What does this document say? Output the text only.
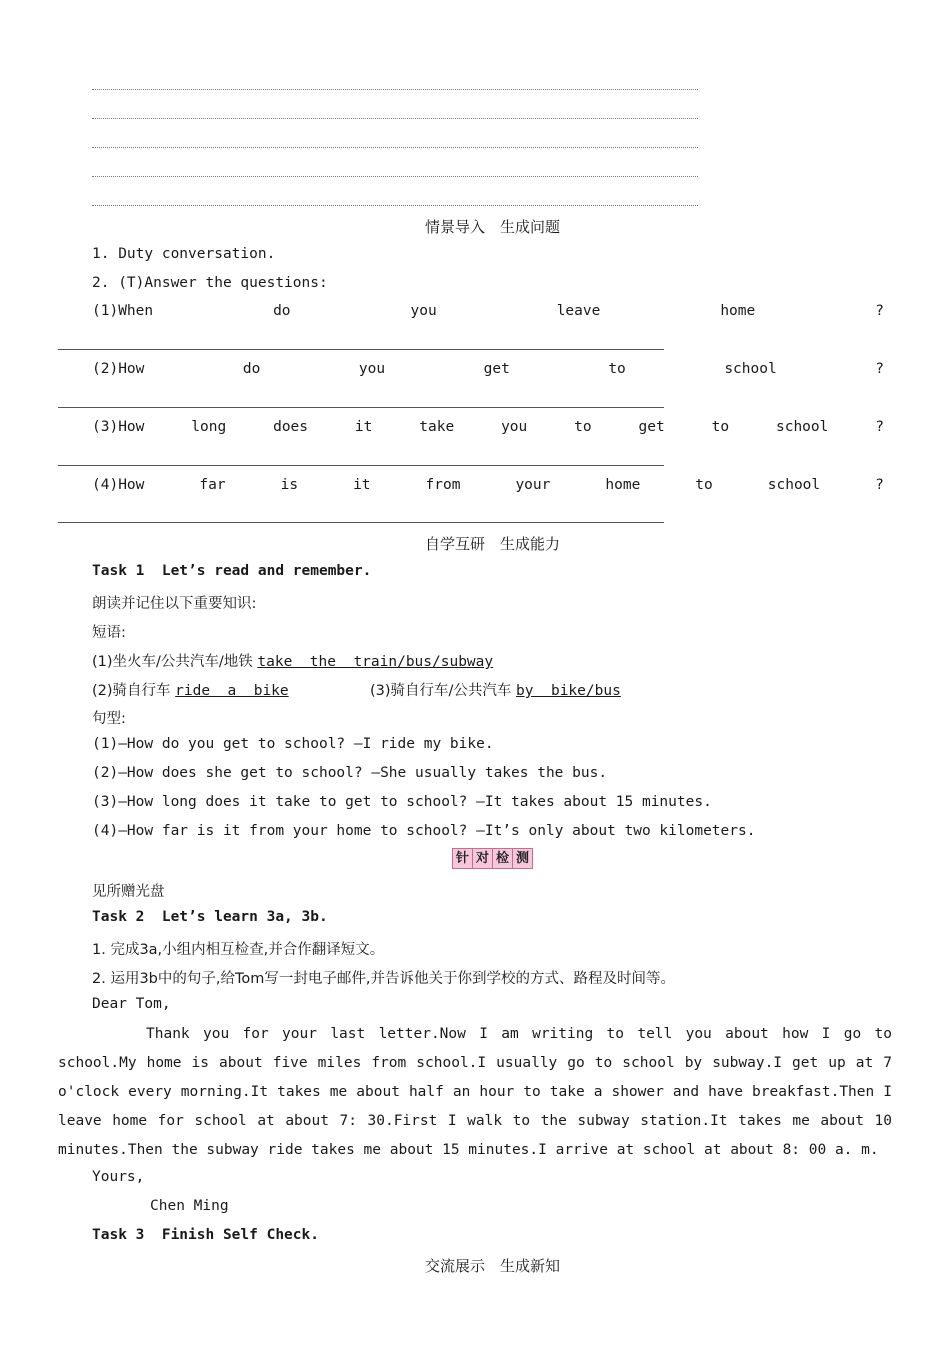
情景导入　生成问题
1. Duty conversation.
2. (T)Answer the questions:
(1)When	do	you	leave	home	?
(2)How	do	you	get	to	school	?
(3)How	long	does	it	take	you	to	get	to	school	?
(4)How	far	is	it	from	your	home	to	school	?
自学互研　生成能力
Task 1  Let’s read and remember.
朗读并记住以下重要知识:
短语:
(1)坐火车/公共汽车/地铁 take  the  train/bus/subway
(2)骑自行车 ride  a  bike	(3)骑自行车/公共汽车 by  bike/bus
句型:
(1)—How do you get to school? —I ride my bike.
(2)—How does she get to school? —She usually takes the bus.
(3)—How long does it take to get to school? —It takes about 15 minutes.
(4)—How far is it from your home to school? —It’s only about two kilometers.
针 对 检 测
见所赠光盘
Task 2  Let’s learn 3a, 3b.
1. 完成3a,小组内相互检查,并合作翻译短文。
2. 运用3b中的句子,给Tom写一封电子邮件,并告诉他关于你到学校的方式、路程及时间等。
Dear Tom,
Thank you for your last letter.Now I am writing to tell you about how I go to school.My home is about five miles from school.I usually go to school by subway.I get up at 7 o'clock every morning.It takes me about half an hour to take a shower and have breakfast.Then I leave home for school at about 7: 30.First I walk to the subway station.It takes me about 10 minutes.Then the subway ride takes me about 15 minutes.I arrive at school at about 8: 00 a. m.
Yours,
Chen Ming
Task 3  Finish Self Check.
交流展示　生成新知
